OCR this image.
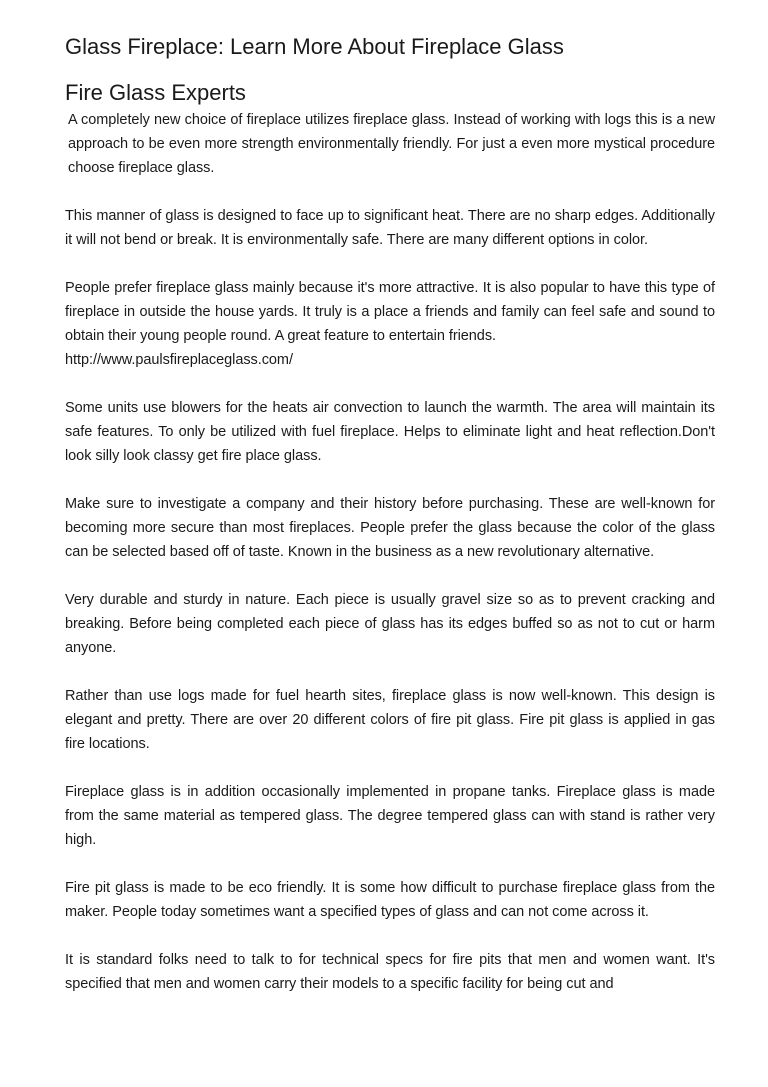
Glass Fireplace: Learn More About Fireplace Glass
Fire Glass Experts

A completely new choice of fireplace utilizes fireplace glass. Instead of working with logs this is a new approach to be even more strength environmentally friendly. For just a even more mystical procedure choose fireplace glass.

This manner of glass is designed to face up to significant heat. There are no sharp edges. Additionally it will not bend or break. It is environmentally safe. There are many different options in color.

People prefer fireplace glass mainly because it's more attractive. It is also popular to have this type of fireplace in outside the house yards. It truly is a place a friends and family can feel safe and sound to obtain their young people round. A great feature to entertain friends.
http://www.paulsfireplaceglass.com/

Some units use blowers for the heats air convection to launch the warmth. The area will maintain its safe features. To only be utilized with fuel fireplace. Helps to eliminate light and heat reflection.Don't look silly look classy get fire place glass.

Make sure to investigate a company and their history before purchasing. These are well-known for becoming more secure than most fireplaces. People prefer the glass because the color of the glass can be selected based off of taste. Known in the business as a new revolutionary alternative.

Very durable and sturdy in nature. Each piece is usually gravel size so as to prevent cracking and breaking. Before being completed each piece of glass has its edges buffed so as not to cut or harm anyone.

Rather than use logs made for fuel hearth sites, fireplace glass is now well-known. This design is elegant and pretty. There are over 20 different colors of fire pit glass. Fire pit glass is applied in gas fire locations.

Fireplace glass is in addition occasionally implemented in propane tanks. Fireplace glass is made from the same material as tempered glass. The degree tempered glass can with stand is rather very high.

Fire pit glass is made to be eco friendly. It is some how difficult to purchase fireplace glass from the maker. People today sometimes want a specified types of glass and can not come across it.

It is standard folks need to talk to for technical specs for fire pits that men and women want. It's specified that men and women carry their models to a specific facility for being cut and
